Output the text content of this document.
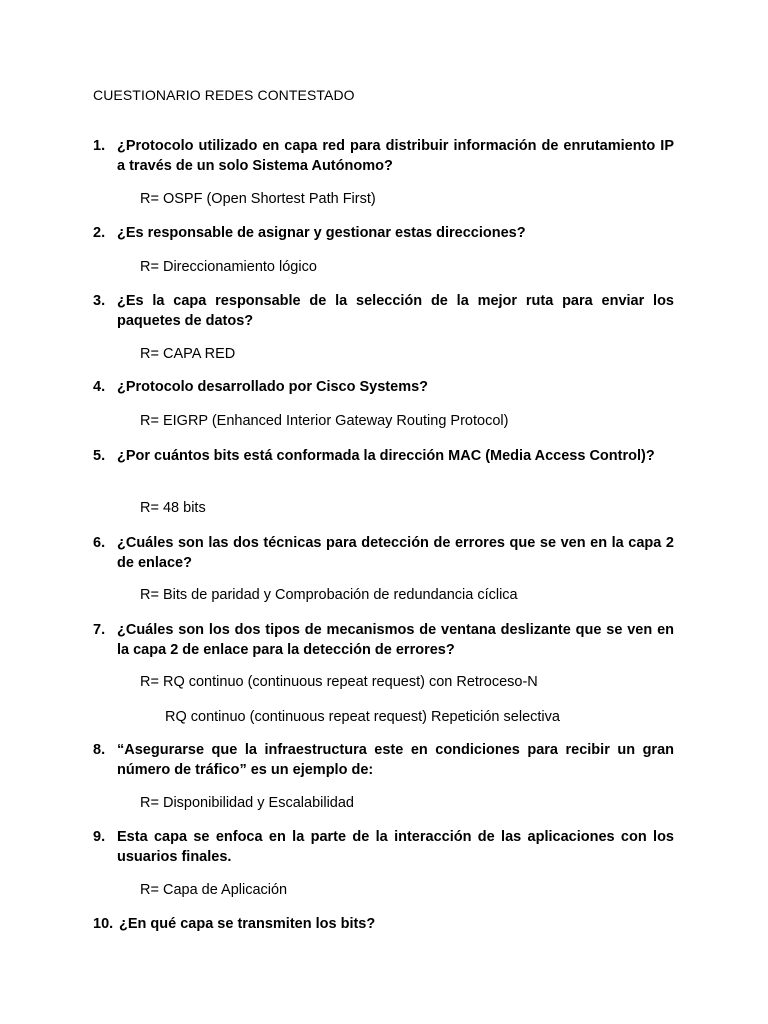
CUESTIONARIO REDES CONTESTADO
1. ¿Protocolo utilizado en capa red para distribuir información de enrutamiento IP a través de un solo Sistema Autónomo?
R= OSPF (Open Shortest Path First)
2. ¿Es responsable de asignar y gestionar estas direcciones?
R= Direccionamiento lógico
3. ¿Es la capa responsable de la selección de la mejor ruta para enviar los paquetes de datos?
R= CAPA RED
4. ¿Protocolo desarrollado por Cisco Systems?
R= EIGRP (Enhanced Interior Gateway Routing Protocol)
5. ¿Por cuántos bits está conformada la dirección MAC (Media Access Control)?
R= 48 bits
6. ¿Cuáles son las dos técnicas para detección de errores que se ven en la capa 2 de enlace?
R= Bits de paridad y Comprobación de redundancia cíclica
7. ¿Cuáles son los dos tipos de mecanismos de ventana deslizante que se ven en la capa 2 de enlace para la detección de errores?
R= RQ continuo (continuous repeat request) con Retroceso-N
RQ continuo (continuous repeat request) Repetición selectiva
8. “Asegurarse que la infraestructura este en condiciones para recibir un gran número de tráfico” es un ejemplo de:
R= Disponibilidad y Escalabilidad
9. Esta capa se enfoca en la parte de la interacción de las aplicaciones con los usuarios finales.
R= Capa de Aplicación
10. ¿En qué capa se transmiten los bits?
